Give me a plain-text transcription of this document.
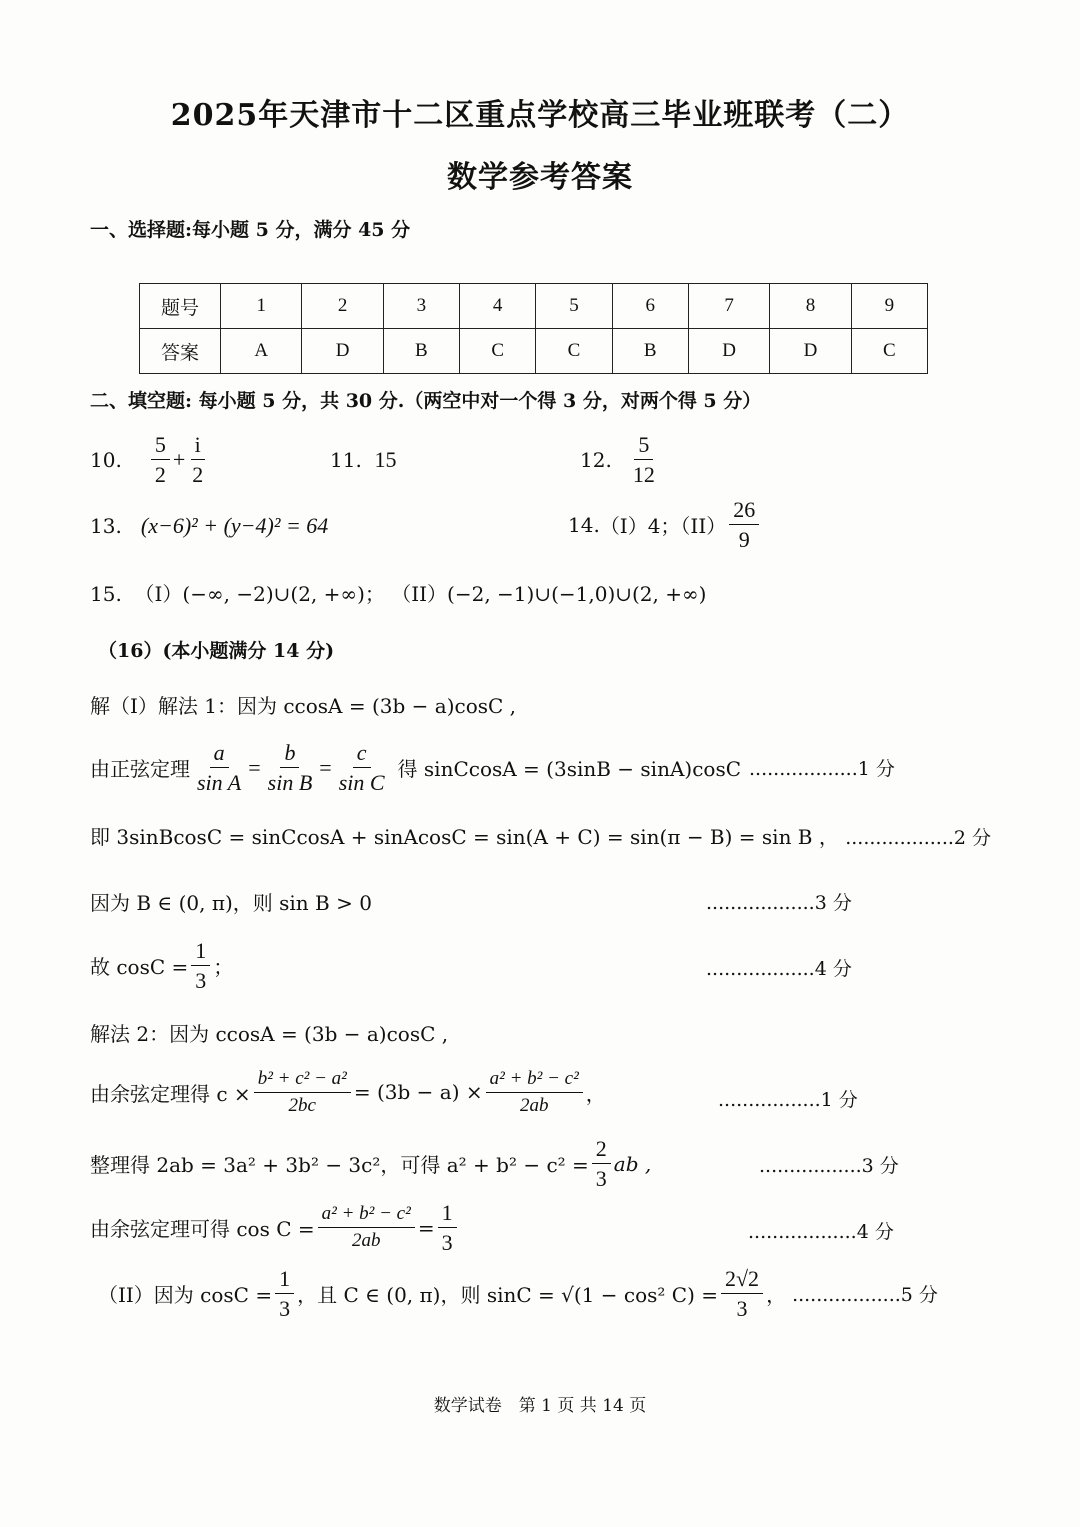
2025年天津市十二区重点学校高三毕业班联考（二）
数学参考答案
一、选择题:每小题 5 分，满分 45 分
题号	1	2	3	4	5	6	7	8	9
答案	A	D	B	C	C	B	D	D	C
二、填空题: 每小题 5 分，共 30 分.（两空中对一个得 3 分，对两个得 5 分）
10. $\frac{5}{2} + \frac{i}{2}$	11. 15	12. $\frac{5}{12}$
13. (x−6)² + (y−4)² = 64	14. （I）4；$(II) \frac{26}{9}$
15. （I）(−∞, −2)∪(2, +∞)； （II）(−2, −1)∪(−1,0)∪(2, +∞)
（16）(本小题满分 14 分)
解（I）解法 1：因为 ccosA = (3b − a)cosC ,
由正弦定理 $\frac{a}{\text{sin A}} = \frac{b}{\text{sin B}} = \frac{c}{\text{sin C}}$ 得 sinCcosA = (3sinB − sinA)cosC ..................1 分
即 3sinBcosC = sinCcosA + sinAcosC = sin(A + C) = sin(π − B) = sin B ， ..................2 分
因为 B ∈ (0, π)，则 sin B > 0	..................3 分
故 $\cos C = \frac{1}{3}$ ；	..................4 分
解法 2：因为 ccosA = (3b − a)cosC ,
由余弦定理得 $c \times \frac{\text{b² + c² − a²}}{2bc} = (3b - a) \times \frac{\text{a² + b² − c²}}{2ab}$ ，	.................1 分
整理得 2ab = 3a² + 3b² − 3c²，可得 $a^2 + b^2 - c^2 = \frac{2}{3}$ ab ,	.................3 分
由余弦定理可得 $\cos C = \frac{\text{a² + b² − c²}}{2ab} = \frac{1}{3}$	..................4 分
（II）因为 $\cos C = \frac{1}{3}$ ，且 C ∈ (0, π)，则 sinC = √(1 − cos² $C) = \frac{2√2}{3}$ ， ..................5 分
数学试卷　第 1 页 共 14 页
